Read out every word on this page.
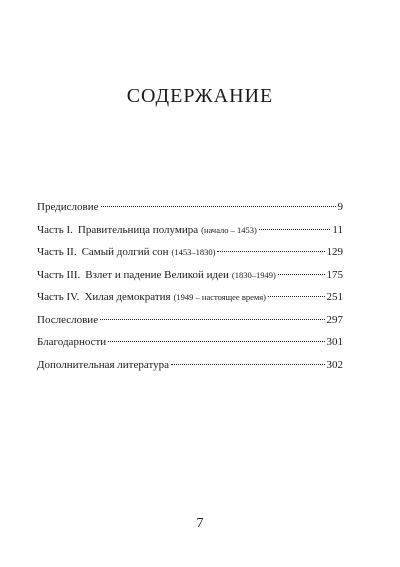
СОДЕРЖАНИЕ
Предисловие	9
Часть I. Правительница полумира (начало – 1453)	11
Часть II. Самый долгий сон (1453–1830)	129
Часть III. Взлет и падение Великой идеи (1830–1949)	175
Часть IV. Хилая демократия (1949 – настоящее время)	251
Послесловие	297
Благодарности	301
Дополнительная литература	302
7
